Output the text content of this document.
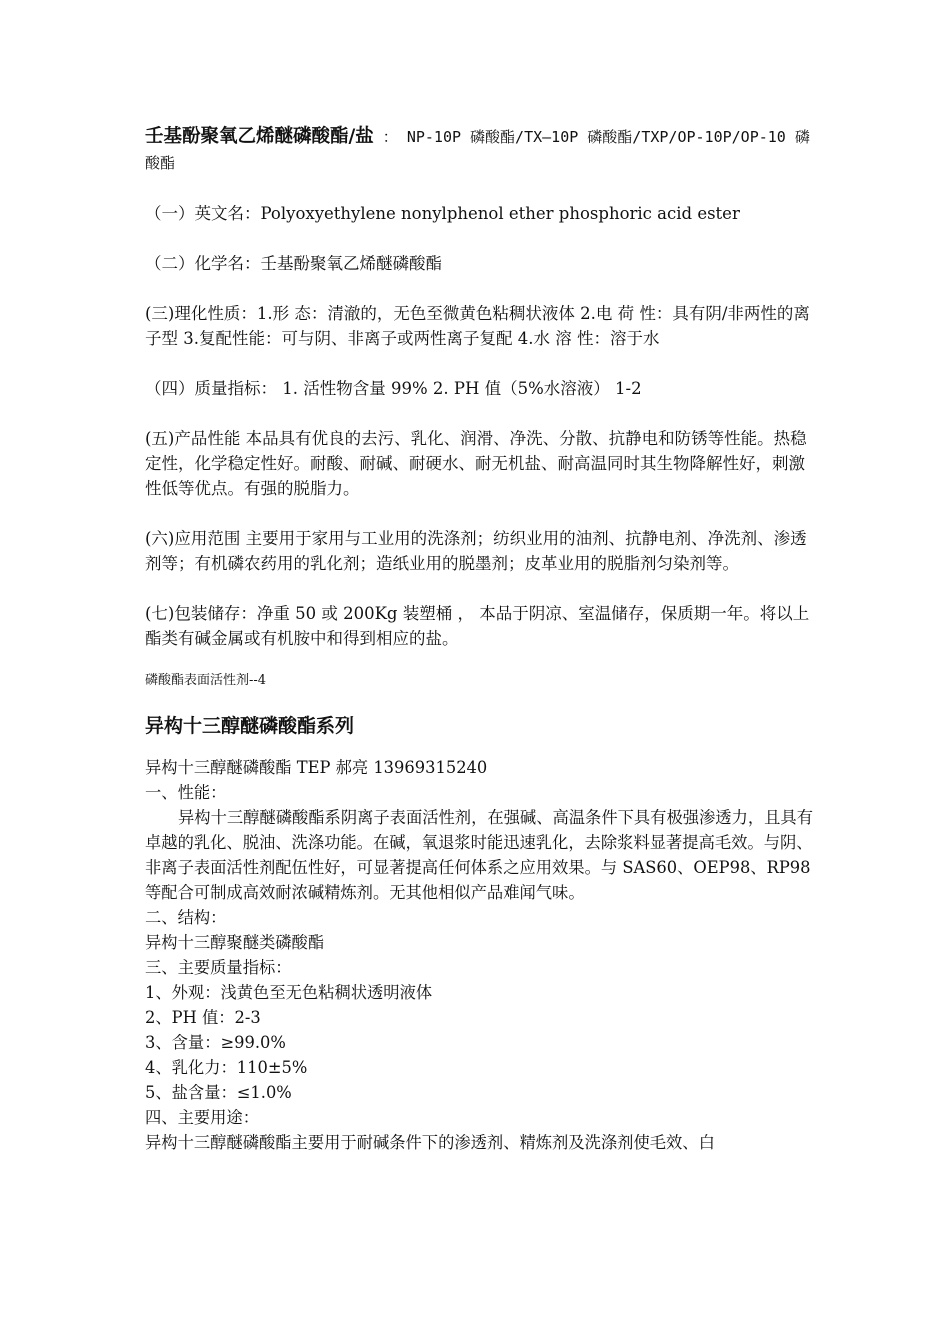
壬基酚聚氧乙烯醚磷酸酯/盐 ： NP-10P 磷酸酯/TX—10P 磷酸酯/TXP/OP-10P/OP-10 磷酸酯

（一）英文名：Polyoxyethylene nonylphenol ether phosphoric acid ester

（二）化学名：壬基酚聚氧乙烯醚磷酸酯

(三)理化性质：1.形 态：清澈的，无色至微黄色粘稠状液体 2.电 荷 性：具有阴/非两性的离子型 3.复配性能：可与阴、非离子或两性离子复配 4.水 溶 性：溶于水

（四）质量指标： 1. 活性物含量 99% 2. PH 值（5%水溶液） 1-2

(五)产品性能 本品具有优良的去污、乳化、润滑、净洗、分散、抗静电和防锈等性能。热稳定性，化学稳定性好。耐酸、耐碱、耐硬水、耐无机盐、耐高温同时其生物降解性好，刺激性低等优点。有强的脱脂力。

(六)应用范围 主要用于家用与工业用的洗涤剂；纺织业用的油剂、抗静电剂、净洗剂、渗透剂等；有机磷农药用的乳化剂；造纸业用的脱墨剂；皮革业用的脱脂剂匀染剂等。

(七)包装储存：净重 50 或 200Kg 装塑桶 ， 本品于阴凉、室温储存，保质期一年。将以上酯类有碱金属或有机胺中和得到相应的盐。

磷酸酯表面活性剂--4

异构十三醇醚磷酸酯系列

异构十三醇醚磷酸酯 TEP 郝亮 13969315240

一、性能：

异构十三醇醚磷酸酯系阴离子表面活性剂，在强碱、高温条件下具有极强渗透力，且具有卓越的乳化、脱油、洗涤功能。在碱，氧退浆时能迅速乳化，去除浆料显著提高毛效。与阴、非离子表面活性剂配伍性好，可显著提高任何体系之应用效果。与 SAS60、OEP98、RP98 等配合可制成高效耐浓碱精炼剂。无其他相似产品难闻气味。

二、结构：

异构十三醇聚醚类磷酸酯

三、主要质量指标：

1、外观：浅黄色至无色粘稠状透明液体

2、PH 值：2-3

3、含量：≥99.0%

4、乳化力：110±5%

5、盐含量：≤1.0%

四、主要用途：

异构十三醇醚磷酸酯主要用于耐碱条件下的渗透剂、精炼剂及洗涤剂使毛效、白
